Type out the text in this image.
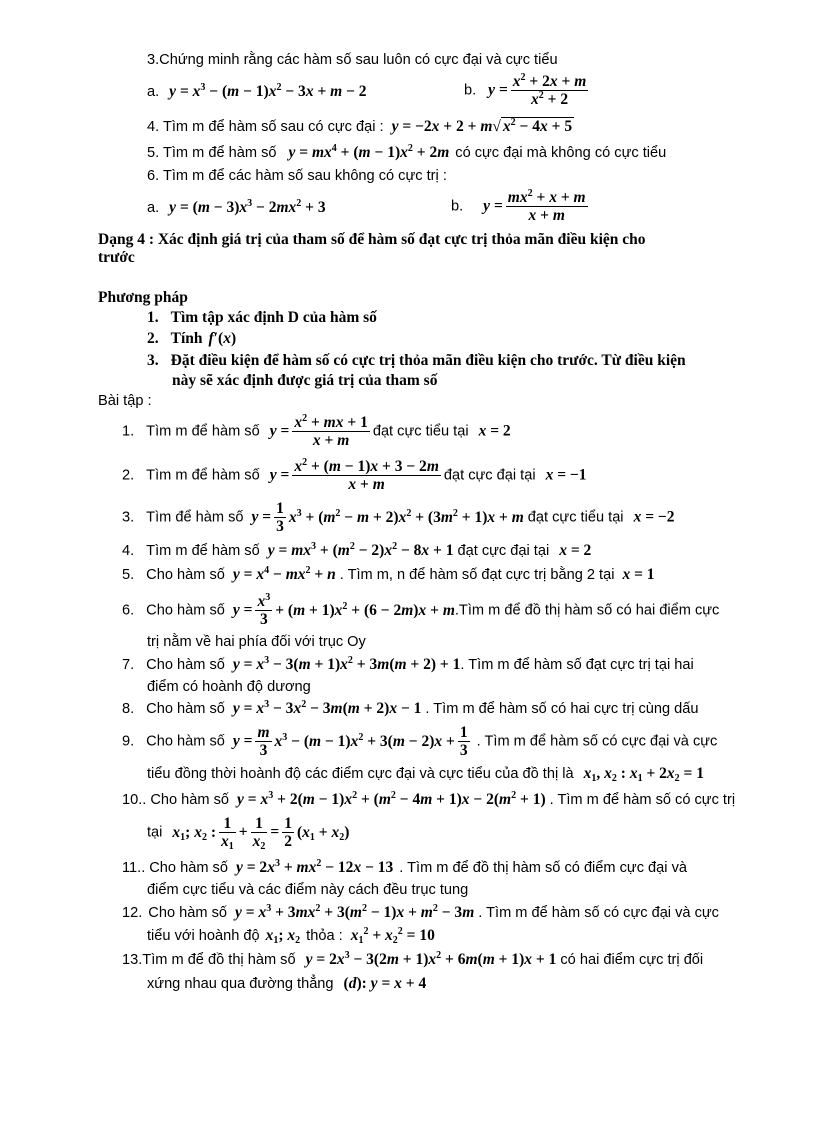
3.Chứng minh rằng các hàm số sau luôn có cực đại và cực tiểu
a. $y = x^3 - (m - 1)x^2 - 3x + m - 2$	b. $y = \frac{x^2 + 2x + m}{x^2 + 2}$
4. Tìm m để hàm số sau có cực đại : y = −2x + 2 + m√ $x^2 - 4x + 5$
5. Tìm m để hàm số $y = mx^4 + (m - 1)x^2 + 2m$ có cực đại mà không có cực tiểu
6. Tìm m để các hàm số sau không có cực trị :
a. $y = (m - 3)x^3 - 2mx^2 + 3$	b. $y = \frac{mx^2 + x + m}{x + m}$
Dạng 4 : Xác định giá trị của tham số để hàm số đạt cực trị thỏa mãn điều kiện cho
trước
Phương pháp
1. Tìm tập xác định D của hàm số
2. Tính f′(x)
3. Đặt điều kiện để hàm số có cực trị thỏa mãn điều kiện cho trước. Từ điều kiện
này sẽ xác định được giá trị của tham số
Bài tập :
1. Tìm m để hàm số $y = \frac{x^2 + mx + 1}{x + m}$ đạt cực tiểu tại x = 2
2. Tìm m để hàm số $y = \frac{x^2 + (m - 1)x + 3 - 2m}{x + m}$ đạt cực đại tại x = −1
3. Tìm để hàm số $y = \frac{1}{3} x^3 + (m^2 - m + 2)x^2 + (3m^2 + 1)x + m$ đạt cực tiểu tại x = −2
4. Tìm m để hàm số $y = mx^3 + (m^2 - 2)x^2 - 8x + 1$ đạt cực đại tại x = 2
5. Cho hàm số $y = x^4 - mx^2 + n$ . Tìm m, n để hàm số đạt cực trị bằng 2 tại x = 1
6. Cho hàm số $y = \frac{x^3}{3} + (m + 1)x^2 + (6 - 2m)x$ + m.Tìm m để đồ thị hàm số có hai điểm cực
trị nằm về hai phía đối với trục Oy
7. Cho hàm số $y = x^3 - 3(m + 1)x^2 + 3m(m + 2) + 1$. Tìm m để hàm số đạt cực trị tại hai
điểm có hoành độ dương
8. Cho hàm số $y = x^3 - 3x^2 - 3m(m + 2)x - 1$ . Tìm m để hàm số có hai cực trị cùng dấu
9. Cho hàm số $y = \frac{m}{3} x^3 - (m - 1)x^2 + 3(m - 2)x + \frac{1}{3}$ . Tìm m để hàm số có cực đại và cực
tiểu đồng thời hoành độ các điểm cực đại và cực tiểu của đồ thị là $x_1$, $x_2$ : $x_1 + 2x_2 = 1$
10.. Cho hàm số $y = x^3 + 2(m - 1)x^2 + (m^2 - 4m + 1)x - 2(m^2 + 1)$ . Tìm m để hàm số có cực trị
tại $x_1$; $x_2$ : $\frac{1}{x_1} + \frac{1}{x_2} = \frac{1}{2} (x_1 + x_2)$
11.. Cho hàm số $y = 2x^3 + mx^2 - 12x - 13$ . Tìm m để đồ thị hàm số có điểm cực đại và
điểm cực tiểu và các điểm này cách đều trục tung
12. Cho hàm số $y = x^3 + 3mx^2 + 3(m^2 - 1)x + m^2 - 3m$ . Tìm m để hàm số có cực đại và cực
tiểu với hoành độ $x_1$; $x_2$ thỏa : $x_1^2 + x_2^2 = 10$
13.Tìm m để đồ thị hàm số $y = 2x^3 - 3(2m + 1)x^2 + 6m(m + 1)x + 1$ có hai điểm cực trị đối
xứng nhau qua đường thẳng (d): y = x + 4
